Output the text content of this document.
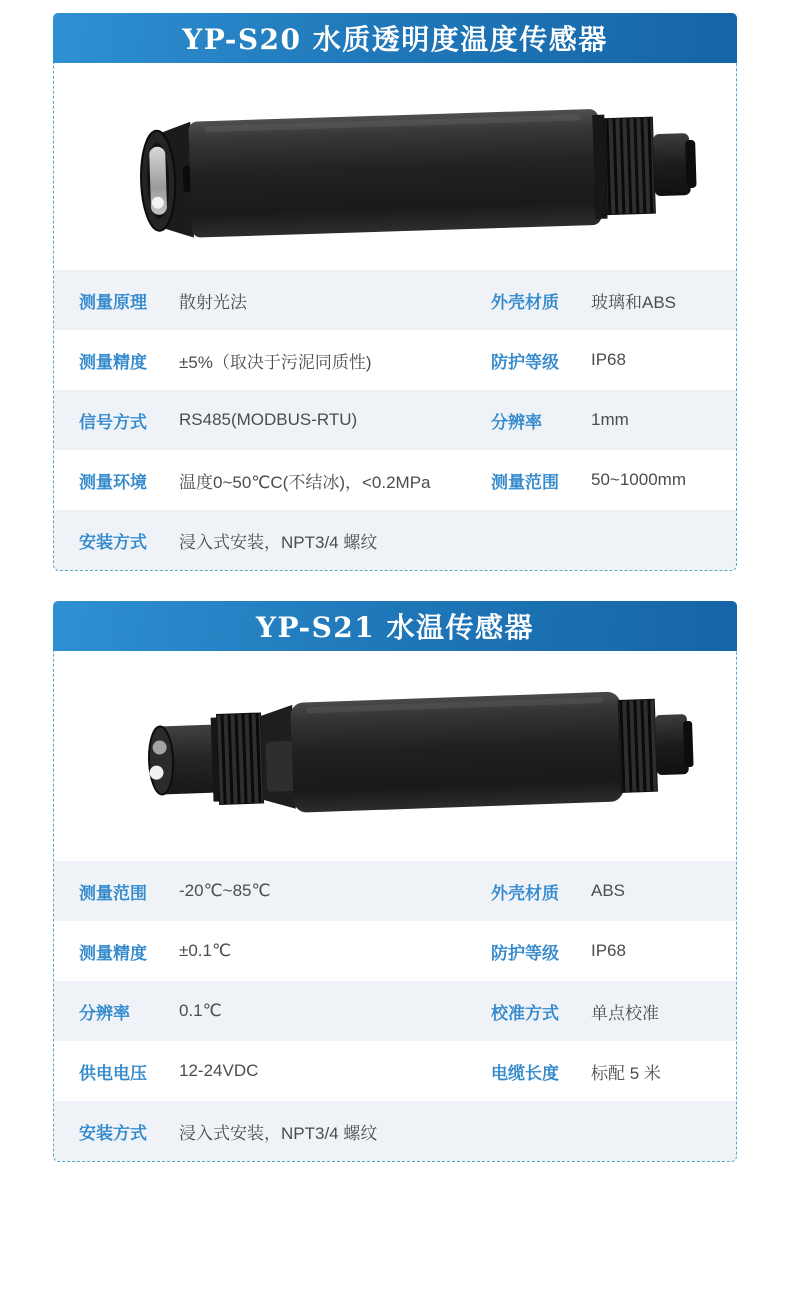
YP-S20 水质透明度温度传感器
测量原理	散射光法	外壳材质	玻璃和ABS
测量精度	±5%（取决于污泥同质性)	防护等级	IP68
信号方式	RS485(MODBUS-RTU)	分辨率	1mm
测量环境	温度0~50℃C(不结冰)，<0.2MPa	测量范围	50~1000mm
安装方式	浸入式安装，NPT3/4 螺纹
YP-S21 水温传感器
测量范围	-20℃~85℃	外壳材质	ABS
测量精度	±0.1℃	防护等级	IP68
分辨率	0.1℃	校准方式	单点校准
供电电压	12-24VDC	电缆长度	标配 5 米
安装方式	浸入式安装，NPT3/4 螺纹
